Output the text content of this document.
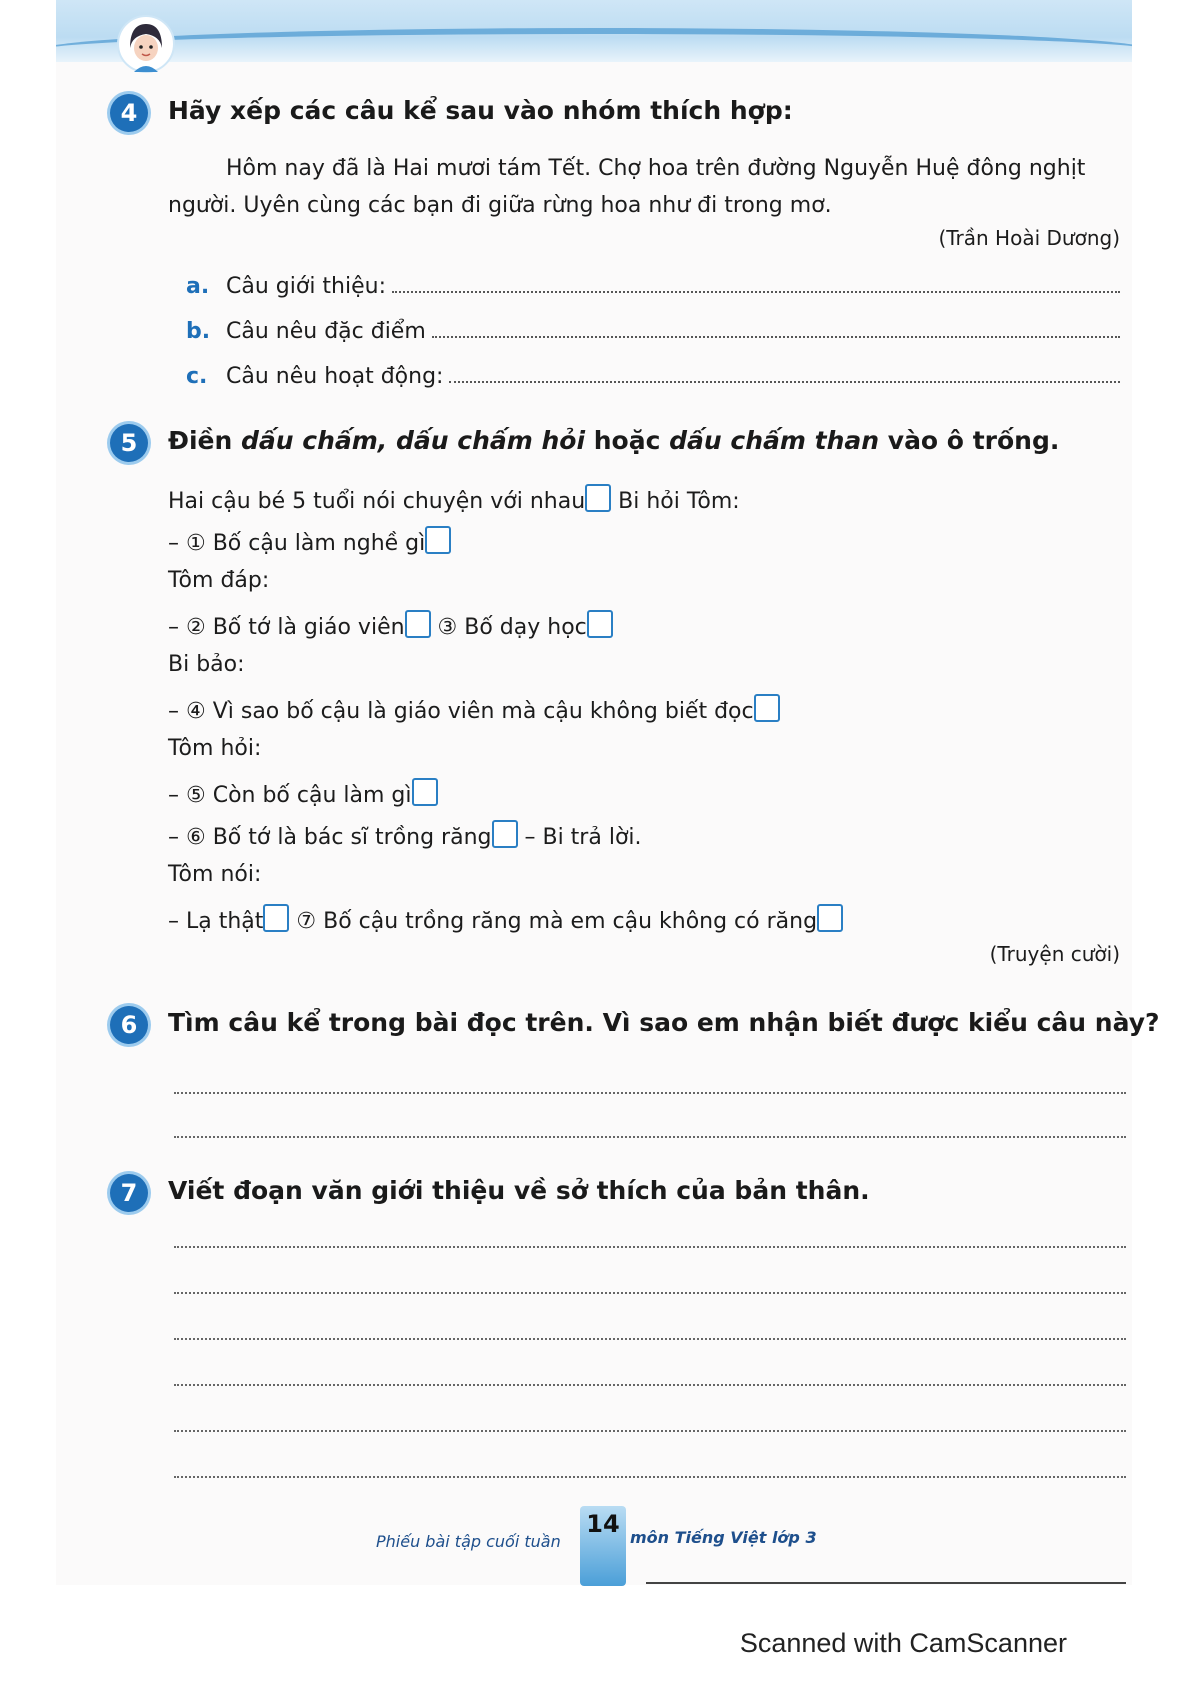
4	Hãy xếp các câu kể sau vào nhóm thích hợp:
Hôm nay đã là Hai mươi tám Tết. Chợ hoa trên đường Nguyễn Huệ đông nghịt
người. Uyên cùng các bạn đi giữa rừng hoa như đi trong mơ.
(Trần Hoài Dương)
a. Câu giới thiệu:
b. Câu nêu đặc điểm
c. Câu nêu hoạt động:
5	Điền dấu chấm, dấu chấm hỏi hoặc dấu chấm than vào ô trống.
Hai cậu bé 5 tuổi nói chuyện với nhau Bi hỏi Tôm:
– ① Bố cậu làm nghề gì
Tôm đáp:
– ② Bố tớ là giáo viên ③ Bố dạy học
Bi bảo:
– ④ Vì sao bố cậu là giáo viên mà cậu không biết đọc
Tôm hỏi:
– ⑤ Còn bố cậu làm gì
– ⑥ Bố tớ là bác sĩ trồng răng – Bi trả lời.
Tôm nói:
– Lạ thật ⑦ Bố cậu trồng răng mà em cậu không có răng
(Truyện cười)
6	Tìm câu kể trong bài đọc trên. Vì sao em nhận biết được kiểu câu này?
7	Viết đoạn văn giới thiệu về sở thích của bản thân.
Phiếu bài tập cuối tuần
14 môn Tiếng Việt lớp 3
Scanned with CamScanner
